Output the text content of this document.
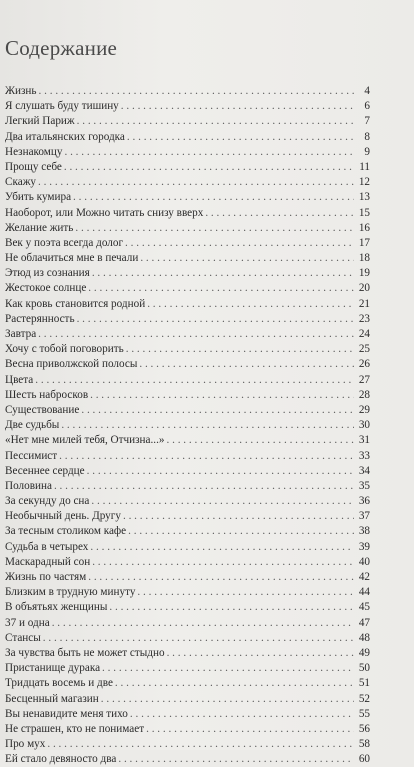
Содержание
Жизнь . . .	4
Я слушать буду тишину . . .	6
Легкий Париж . . .	7
Два итальянских городка . . .	8
Незнакомцу . . .	9
Прощу себе . . .	11
Скажу . . .	12
Убить кумира . . .	13
Наоборот, или Можно читать снизу вверх . . .	15
Желание жить . . .	16
Век у поэта всегда долог . . .	17
Не облачиться мне в печали . . .	18
Этюд из сознания . . .	19
Жестокое солнце . . .	20
Как кровь становится родной . . .	21
Растерянность . . .	23
Завтра . . .	24
Хочу с тобой поговорить . . .	25
Весна приволжской полосы . . .	26
Цвета . . .	27
Шесть набросков . . .	28
Существование . . .	29
Две судьбы . . .	30
«Нет мне милей тебя, Отчизна...» . . .	31
Пессимист . . .	33
Весеннее сердце . . .	34
Половина . . .	35
За секунду до сна . . .	36
Необычный день. Другу . . .	37
За тесным столиком кафе . . .	38
Судьба в четырех . . .	39
Маскарадный сон . . .	40
Жизнь по частям . . .	42
Близким в трудную минуту . . .	44
В объятьях женщины . . .	45
37 и одна . . .	47
Стансы . . .	48
За чувства быть не может стыдно . . .	49
Пристанище дурака . . .	50
Тридцать восемь и две . . .	51
Бесценный магазин . . .	52
Вы ненавидите меня тихо . . .	55
Не страшен, кто не понимает . . .	56
Про мух . . .	58
Ей стало девяносто два . . .	60
